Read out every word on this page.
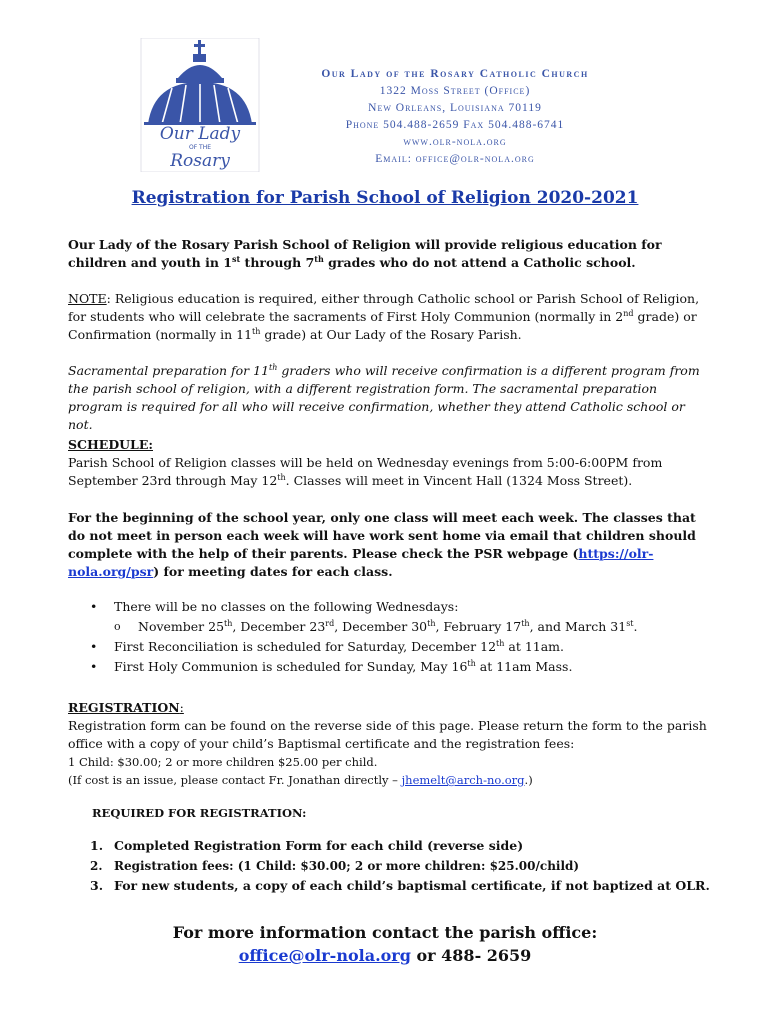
Our Lady
OF THE
Rosary
Our Lady of the Rosary Catholic Church
1322 Moss Street (Office)
New Orleans, Louisiana 70119
Phone 504.488-2659 Fax 504.488-6741
www.olr-nola.org
Email: office@olr-nola.org
Registration for Parish School of Religion 2020-2021
Our Lady of the Rosary Parish School of Religion will provide religious education for children and youth in 1st through 7th grades who do not attend a Catholic school.
NOTE: Religious education is required, either through Catholic school or Parish School of Religion, for students who will celebrate the sacraments of First Holy Communion (normally in 2nd grade) or Confirmation (normally in 11th grade) at Our Lady of the Rosary Parish.
Sacramental preparation for 11th graders who will receive confirmation is a different program from the parish school of religion, with a different registration form. The sacramental preparation program is required for all who will receive confirmation, whether they attend Catholic school or not.
SCHEDULE:
Parish School of Religion classes will be held on Wednesday evenings from 5:00-6:00PM from September 23rd through May 12th. Classes will meet in Vincent Hall (1324 Moss Street).
For the beginning of the school year, only one class will meet each week. The classes that do not meet in person each week will have work sent home via email that children should complete with the help of their parents. Please check the PSR webpage (https://olr-nola.org/psr) for meeting dates for each class.
• There will be no classes on the following Wednesdays:
o November 25th, December 23rd, December 30th, February 17th, and March 31st.
• First Reconciliation is scheduled for Saturday, December 12th at 11am.
• First Holy Communion is scheduled for Sunday, May 16th at 11am Mass.
REGISTRATION:
Registration form can be found on the reverse side of this page. Please return the form to the parish office with a copy of your child’s Baptismal certificate and the registration fees:
1 Child: $30.00; 2 or more children $25.00 per child.
(If cost is an issue, please contact Fr. Jonathan directly – jhemelt@arch-no.org.)
REQUIRED FOR REGISTRATION:
1. Completed Registration Form for each child (reverse side)
2. Registration fees: (1 Child: $30.00; 2 or more children: $25.00/child)
3. For new students, a copy of each child’s baptismal certificate, if not baptized at OLR.
For more information contact the parish office:
office@olr-nola.org or 488- 2659
